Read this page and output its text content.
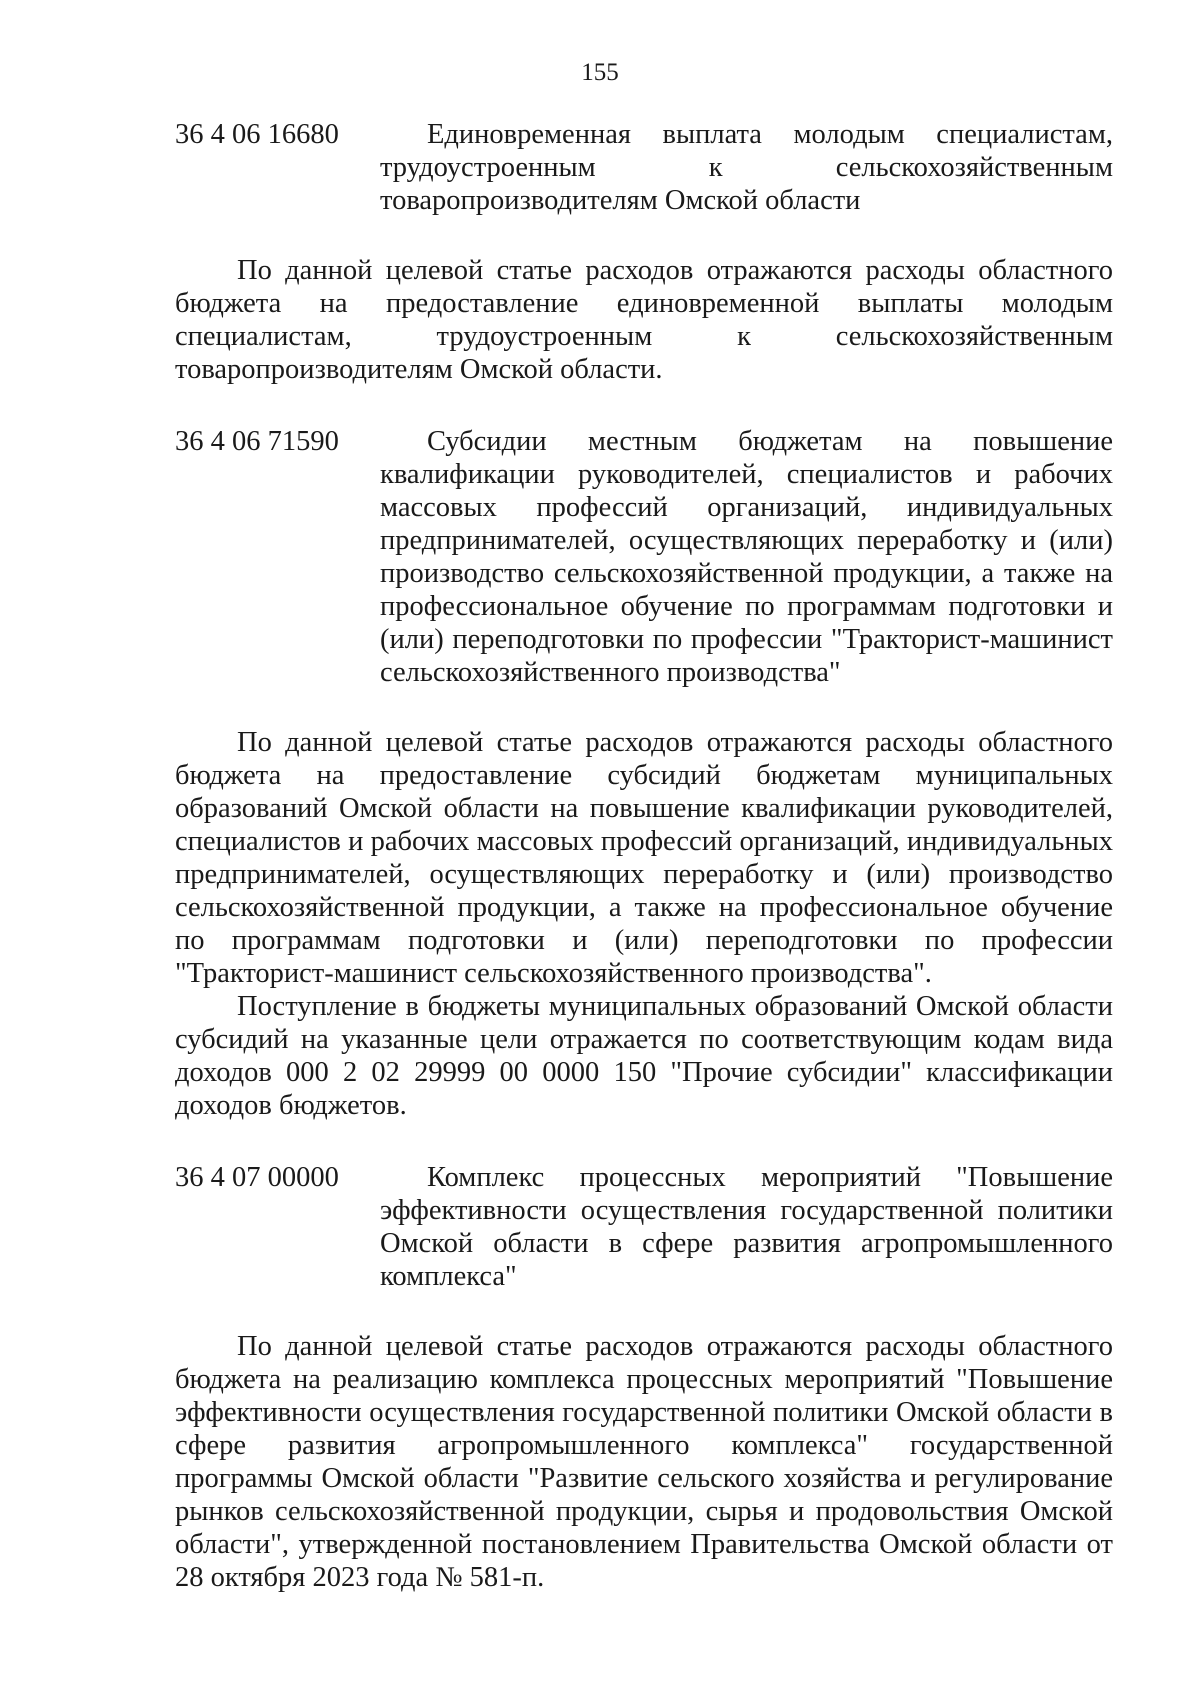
155
36 4 06 16680	Единовременная выплата молодым специалистам, трудоустроенным к сельскохозяйственным товаропроизводителям Омской области

По данной целевой статье расходов отражаются расходы областного бюджета на предоставление единовременной выплаты молодым специалистам, трудоустроенным к сельскохозяйственным товаропроизводителям Омской области.

36 4 06 71590	Субсидии местным бюджетам на повышение квалификации руководителей, специалистов и рабочих массовых профессий организаций, индивидуальных предпринимателей, осуществляющих переработку и (или) производство сельскохозяйственной продукции, а также на профессиональное обучение по программам подготовки и (или) переподготовки по профессии "Тракторист-машинист сельскохозяйственного производства"

По данной целевой статье расходов отражаются расходы областного бюджета на предоставление субсидий бюджетам муниципальных образований Омской области на повышение квалификации руководителей, специалистов и рабочих массовых профессий организаций, индивидуальных предпринимателей, осуществляющих переработку и (или) производство сельскохозяйственной продукции, а также на профессиональное обучение по программам подготовки и (или) переподготовки по профессии "Тракторист-машинист сельскохозяйственного производства".

Поступление в бюджеты муниципальных образований Омской области субсидий на указанные цели отражается по соответствующим кодам вида доходов 000 2 02 29999 00 0000 150 "Прочие субсидии" классификации доходов бюджетов.

36 4 07 00000	Комплекс процессных мероприятий "Повышение эффективности осуществления государственной политики Омской области в сфере развития агропромышленного комплекса"

По данной целевой статье расходов отражаются расходы областного бюджета на реализацию комплекса процессных мероприятий "Повышение эффективности осуществления государственной политики Омской области в сфере развития агропромышленного комплекса" государственной программы Омской области "Развитие сельского хозяйства и регулирование рынков сельскохозяйственной продукции, сырья и продовольствия Омской области", утвержденной постановлением Правительства Омской области от 28 октября 2023 года № 581-п.
